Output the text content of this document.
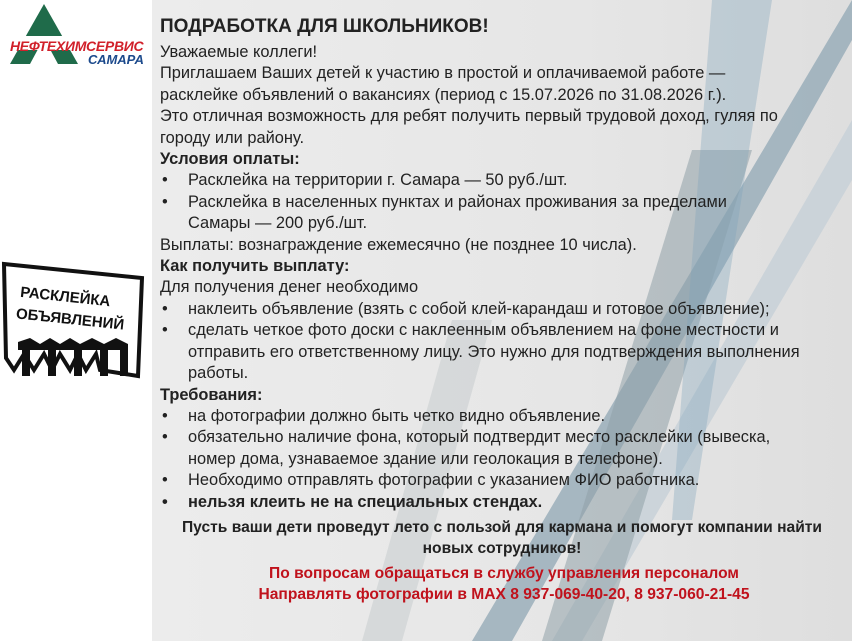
НЕФТЕХИМСЕРВИС
САМАРА
РАСКЛЕЙКА
ОБЪЯВЛЕНИЙ
ПОДРАБОТКА ДЛЯ ШКОЛЬНИКОВ!
Уважаемые коллеги!
Приглашаем Ваших детей к участию в простой и оплачиваемой работе —
расклейке объявлений о вакансиях (период с 15.07.2026 по 31.08.2026 г.).
Это отличная возможность для ребят получить первый трудовой доход, гуляя по
городу или району.
Условия оплаты:
• Расклейка на территории г. Самара — 50 руб./шт.
• Расклейка в населенных пунктах и районах проживания за пределами
Самары — 200 руб./шт.
Выплаты: вознаграждение ежемесячно (не позднее 10 числа).
Как получить выплату:
Для получения денег необходимо
• наклеить объявление (взять с собой клей-карандаш и готовое объявление);
• сделать четкое фото доски с наклеенным объявлением на фоне местности и
отправить его ответственному лицу. Это нужно для подтверждения выполнения
работы.
Требования:
• на фотографии должно быть четко видно объявление.
• обязательно наличие фона, который подтвердит место расклейки (вывеска,
номер дома, узнаваемое здание или геолокация в телефоне).
• Необходимо отправлять фотографии с указанием ФИО работника.
• нельзя клеить не на специальных стендах.
Пусть ваши дети проведут лето с пользой для кармана и помогут компании найти
новых сотрудников!
По вопросам обращаться в службу управления персоналом
Направлять фотографии в МАХ 8 937-069-40-20, 8 937-060-21-45
